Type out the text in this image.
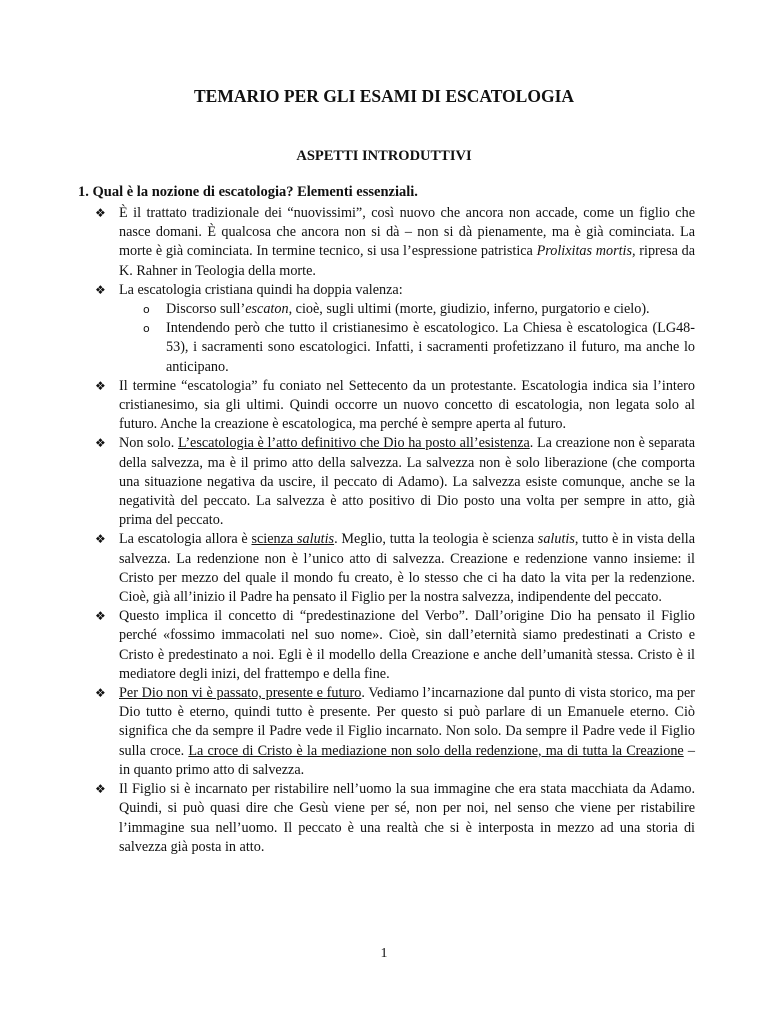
TEMARIO PER GLI ESAMI DI ESCATOLOGIA
ASPETTI INTRODUTTIVI

1. Qual è la nozione di escatologia? Elementi essenziali.

❖ È il trattato tradizionale dei “nuovissimi”, così nuovo che ancora non accade, come un figlio che nasce domani. È qualcosa che ancora non si dà – non si dà pienamente, ma è già cominciata. La morte è già cominciata. In termine tecnico, si usa l’espressione patristica Prolixitas mortis, ripresa da K. Rahner in Teologia della morte.
❖ La escatologia cristiana quindi ha doppia valenza:
o	Discorso sull’escaton, cioè, sugli ultimi (morte, giudizio, inferno, purgatorio e cielo).
o	Intendendo però che tutto il cristianesimo è escatologico. La Chiesa è escatologica (LG48-53), i sacramenti sono escatologici. Infatti, i sacramenti profetizzano il futuro, ma anche lo anticipano.
❖ Il termine “escatologia” fu coniato nel Settecento da un protestante. Escatologia indica sia l’intero cristianesimo, sia gli ultimi. Quindi occorre un nuovo concetto di escatologia, non legata solo al futuro. Anche la creazione è escatologica, ma perché è sempre aperta al futuro.
❖ Non solo. L’escatologia è l’atto definitivo che Dio ha posto all’esistenza. La creazione non è separata della salvezza, ma è il primo atto della salvezza. La salvezza non è solo liberazione (che comporta una situazione negativa da uscire, il peccato di Adamo). La salvezza esiste comunque, anche se la negatività del peccato. La salvezza è atto positivo di Dio posto una volta per sempre in atto, già prima del peccato.
❖ La escatologia allora è scienza salutis. Meglio, tutta la teologia è scienza salutis, tutto è in vista della salvezza. La redenzione non è l’unico atto di salvezza. Creazione e redenzione vanno insieme: il Cristo per mezzo del quale il mondo fu creato, è lo stesso che ci ha dato la vita per la redenzione. Cioè, già all’inizio il Padre ha pensato il Figlio per la nostra salvezza, indipendente del peccato.
❖ Questo implica il concetto di “predestinazione del Verbo”. Dall’origine Dio ha pensato il Figlio perché «fossimo immacolati nel suo nome». Cioè, sin dall’eternità siamo predestinati a Cristo e Cristo è predestinato a noi. Egli è il modello della Creazione e anche dell’umanità stessa. Cristo è il mediatore degli inizi, del frattempo e della fine.
❖ Per Dio non vi è passato, presente e futuro. Vediamo l’incarnazione dal punto di vista storico, ma per Dio tutto è eterno, quindi tutto è presente. Per questo si può parlare di un Emanuele eterno. Ciò significa che da sempre il Padre vede il Figlio incarnato. Non solo. Da sempre il Padre vede il Figlio sulla croce. La croce di Cristo è la mediazione non solo della redenzione, ma di tutta la Creazione – in quanto primo atto di salvezza.
❖ Il Figlio si è incarnato per ristabilire nell’uomo la sua immagine che era stata macchiata da Adamo. Quindi, si può quasi dire che Gesù viene per sé, non per noi, nel senso che viene per ristabilire l’immagine sua nell’uomo. Il peccato è una realtà che si è interposta in mezzo ad una storia di salvezza già posta in atto.

1
